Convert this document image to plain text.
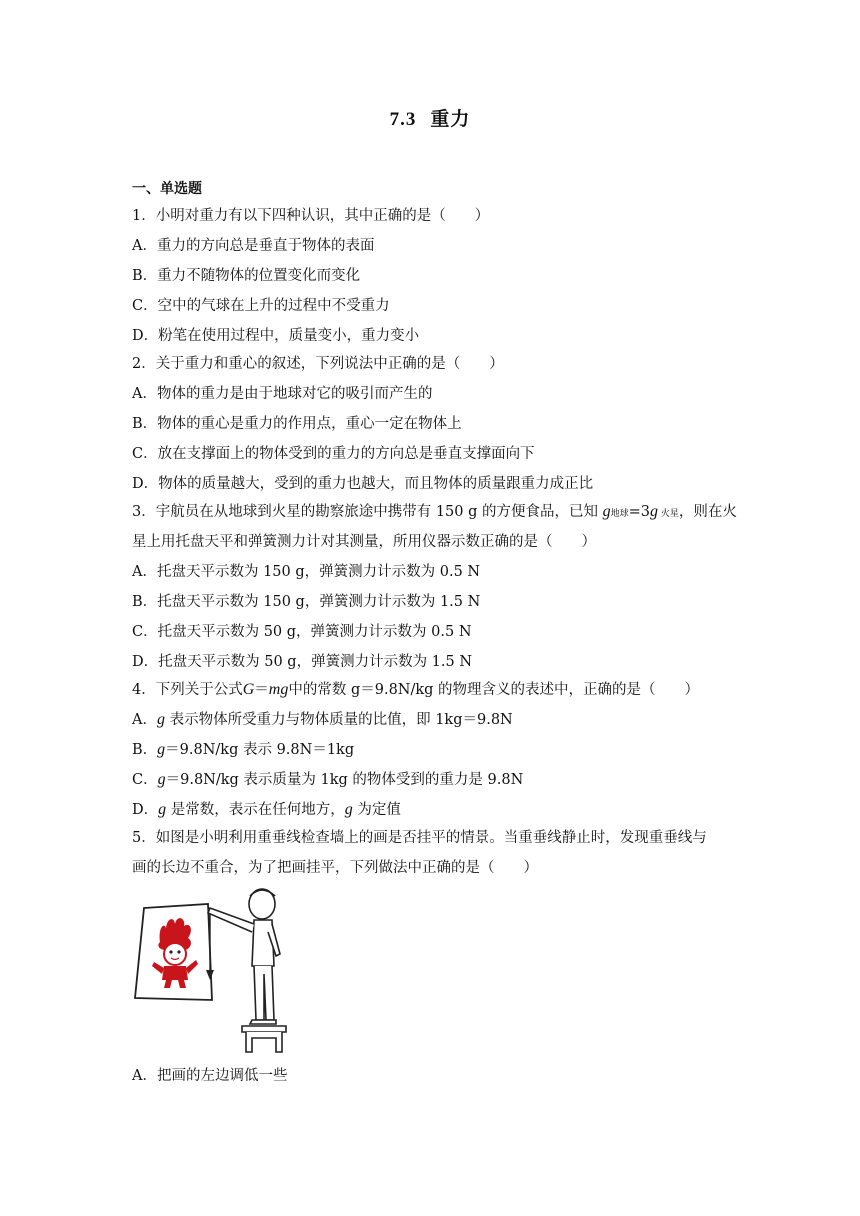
7.3 重力
一、单选题
1．小明对重力有以下四种认识，其中正确的是（　　）
A．重力的方向总是垂直于物体的表面
B．重力不随物体的位置变化而变化
C．空中的气球在上升的过程中不受重力
D．粉笔在使用过程中，质量变小，重力变小
2．关于重力和重心的叙述，下列说法中正确的是（　　）
A．物体的重力是由于地球对它的吸引而产生的
B．物体的重心是重力的作用点，重心一定在物体上
C．放在支撑面上的物体受到的重力的方向总是垂直支撑面向下
D．物体的质量越大，受到的重力也越大，而且物体的质量跟重力成正比
3．宇航员在从地球到火星的勘察旅途中携带有 150 g 的方便食品，已知 g地球=3g 火星，则在火
星上用托盘天平和弹簧测力计对其测量，所用仪器示数正确的是（　　）
A．托盘天平示数为 150 g，弹簧测力计示数为 0.5 N
B．托盘天平示数为 150 g，弹簧测力计示数为 1.5 N
C．托盘天平示数为 50 g，弹簧测力计示数为 0.5 N
D．托盘天平示数为 50 g，弹簧测力计示数为 1.5 N
4．下列关于公式G＝mg中的常数 g＝9.8N/kg 的物理含义的表述中，正确的是（　　）
A．g 表示物体所受重力与物体质量的比值，即 1kg＝9.8N
B．g＝9.8N/kg 表示 9.8N＝1kg
C．g＝9.8N/kg 表示质量为 1kg 的物体受到的重力是 9.8N
D．g 是常数，表示在任何地方，g 为定值
5．如图是小明利用重垂线检查墙上的画是否挂平的情景。当重垂线静止时，发现重垂线与
画的长边不重合，为了把画挂平，下列做法中正确的是（　　）
A．把画的左边调低一些
